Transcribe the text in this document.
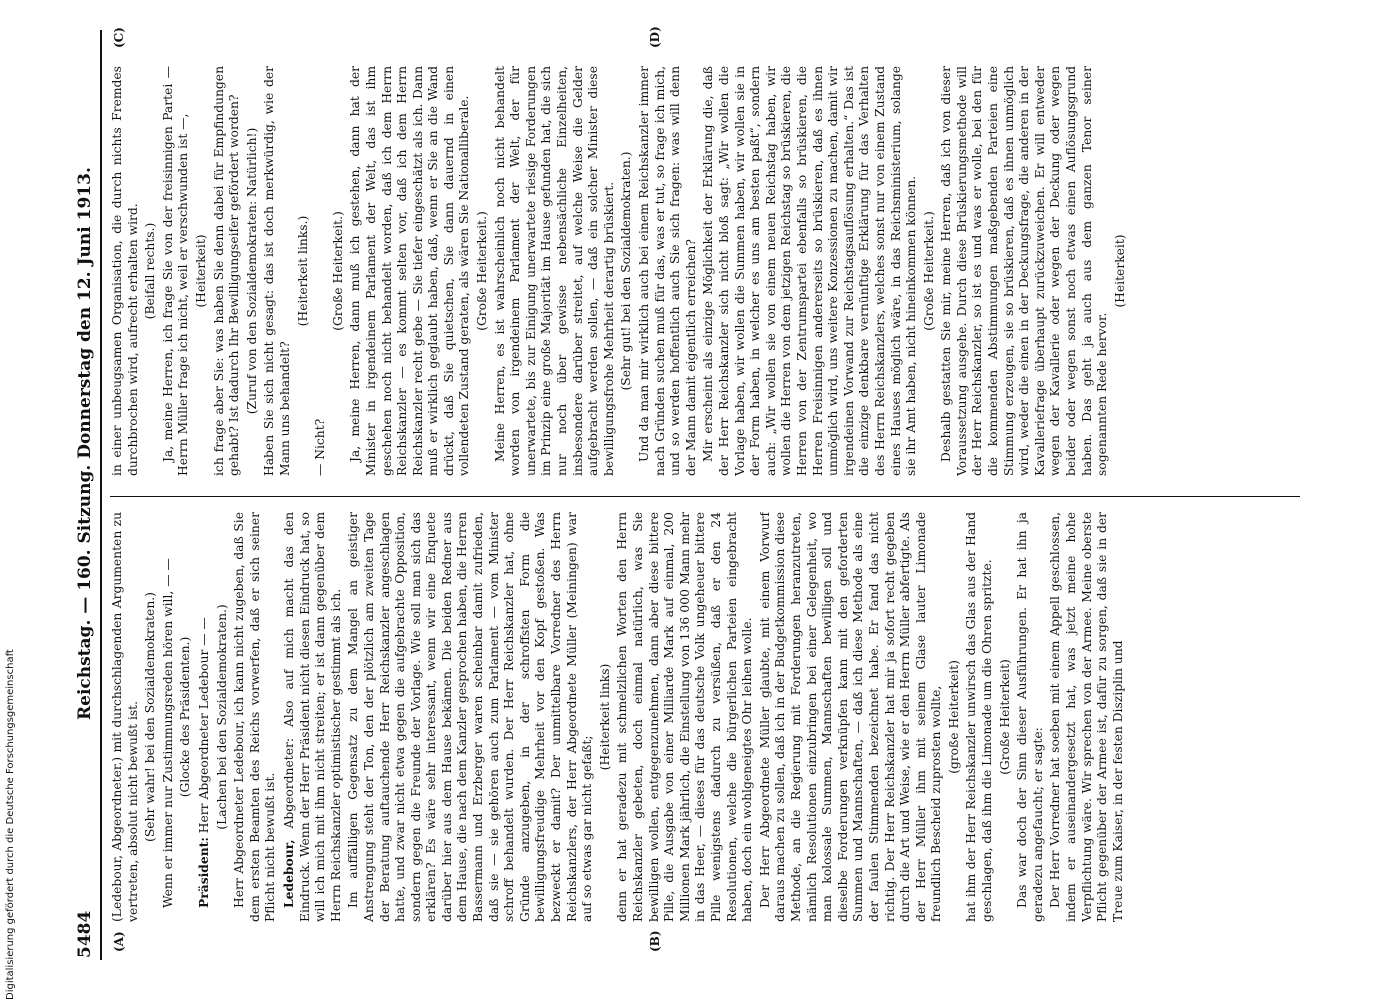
5484
Reichstag. — 160. Sitzung. Donnerstag den 12. Juni 1913.
(A)	(B)
(C)	(D)

(Ledebour, Abgeordneter.) mit durchschlagenden Argumenten zu vertreten, absolut nicht bewußt ist. (Sehr wahr! bei den Sozialdemokraten.) Wenn er immer nur Zustimmungsreden hören will, — — (Glocke des Präsidenten.)

Präsident: Herr Abgeordneter Ledebour — — (Lachen bei den Sozialdemokraten.) Herr Abgeordneter Ledebour, ich kann nicht zugeben, daß Sie dem ersten Beamten des Reichs vorwerfen, daß er sich seiner Pflicht nicht bewußt ist. Ledebour, Abgeordneter: Also auf mich macht das den Eindruck. Wenn der Herr Präsident nicht diesen Eindruck hat, so will ich mich mit ihm nicht streiten; er ist dann gegenüber dem Herrn Reichskanzler optimistischer gestimmt als ich. Im auffälligen Gegensatz zu dem Mangel an geistiger Anstrengung steht der Ton, den der plötzlich am zweiten Tage der Beratung auftauchende Herr Reichskanzler angeschlagen hatte, und zwar nicht etwa gegen die aufgebrachte Opposition, sondern gegen die Freunde der Vorlage. Wie soll man sich das erklären? Es wäre sehr interessant, wenn wir eine Enquete darüber hier aus dem Hause bekämen. Die beiden Redner aus dem Hause, die nach dem Kanzler gesprochen haben, die Herren Bassermann und Erzberger waren scheinbar damit zufrieden, daß sie — sie gehören auch zum Parlament — vom Minister schroff behandelt wurden. Der Herr Reichskanzler hat, ohne Gründe anzugeben, in der schroffsten Form die bewilligungsfreudige Mehrheit vor den Kopf gestoßen. Was bezweckt er damit? Der unmittelbare Vorredner des Herrn Reichskanzlers, der Herr Abgeordnete Müller (Meiningen) war auf so etwas gar nicht gefaßt;

(Heiterkeit links) denn er hat geradezu mit schmelzlichen Worten den Herrn Reichskanzler gebeten, doch einmal natürlich, was Sie bewilligen wollen, entgegenzunehmen, dann aber diese bittere Pille, die Ausgabe von einer Milliarde Mark auf einmal, 200 Millionen Mark jährlich, die Einstellung von 136 000 Mann mehr in das Heer, — dieses für das deutsche Volk ungeheuer bittere Pille wenigstens dadurch zu versüßen, daß er den 24 Resolutionen, welche die bürgerlichen Parteien eingebracht haben, doch ein wohlgeneigtes Ohr leihen wolle. Der Herr Abgeordnete Müller glaubte, mit einem Vorwurf daraus machen zu sollen, daß ich in der Budgetkommission diese Methode, an die Regierung mit Forderungen heranzutreten, nämlich Resolutionen einzubringen bei einer Gelegenheit, wo man kolossale Summen, Mannschaften bewilligen soll und dieselbe Forderungen verknüpfen kann mit den geforderten Summen und Mannschaften, — daß ich diese Methode als eine der faulen Stimmenden bezeichnet habe. Er fand das nicht richtig. Der Herr Reichskanzler hat mir ja sofort recht gegeben durch die Art und Weise, wie er den Herrn Müller abfertigte. Als der Herr Müller ihm mit seinem Glase lauter Limonade freundlich Bescheid zuprosten wollte, (große Heiterkeit) hat ihm der Herr Reichskanzler unwirsch das Glas aus der Hand geschlagen, daß ihm die Limonade um die Ohren spritzte. (Große Heiterkeit) Das war doch der Sinn dieser Ausführungen. Er hat ihn ja geradezu angefaucht; er sagte: Der Herr Vorredner hat soeben mit einem Appell geschlossen, indem er auseinandergesetzt hat, was jetzt meine hohe Verpflichtung wäre. Wir sprechen von der Armee. Meine oberste Pflicht gegenüber der Armee ist, dafür zu sorgen, daß sie in der Treue zum Kaiser, in der festen Disziplin und

in einer unbeugsamen Organisation, die durch nichts Fremdes durchbrochen wird, aufrecht erhalten wird. (Beifall rechts.) Ja, meine Herren, ich frage Sie von der freisinnigen Partei — Herrn Müller frage ich nicht, weil er verschwunden ist —, (Heiterkeit) ich frage aber Sie: was haben Sie denn dabei für Empfindungen gehabt? Ist dadurch Ihr Bewilligungseifer gefördert worden? (Zuruf von den Sozialdemokraten: Natürlich!) Haben Sie sich nicht gesagt: das ist doch merkwürdig, wie der Mann uns behandelt?

(Heiterkeit links.)

— Nicht?

(Große Heiterkeit.) Ja, meine Herren, dann muß ich gestehen, dann hat der Minister in irgendeinem Parlament der Welt, das ist ihm geschehen noch nicht behandelt worden, daß ich dem Herrn Reichskanzler — es kommt selten vor, daß ich dem Herrn Reichskanzler recht gebe — Sie tiefer eingeschätzt als ich. Dann muß er wirklich geglaubt haben, daß, wenn er Sie an die Wand drückt, daß Sie quietschen, Sie dann dauernd in einen vollendeten Zustand geraten, als wären Sie Nationalliberale. (Große Heiterkeit.) Meine Herren, es ist wahrscheinlich noch nicht behandelt worden von irgendeinem Parlament der Welt, der für unerwartete, bis zur Einigung unerwartete riesige Forderungen im Prinzip eine große Majorität im Hause gefunden hat, die sich nur noch über gewisse nebensächliche Einzelheiten, insbesondere darüber streitet, auf welche Weise die Gelder aufgebracht werden sollen, — daß ein solcher Minister diese bewilligungsfrohe Mehrheit derartig brüskiert. (Sehr gut! bei den Sozialdemokraten.) Und da man mir wirklich auch bei einem Reichskanzler immer nach Gründen suchen muß für das, was er tut, so frage ich mich, und so werden hoffentlich auch Sie sich fragen: was will denn der Mann damit eigentlich erreichen? Mir erscheint als einzige Möglichkeit der Erklärung die, daß der Herr Reichskanzler sich nicht bloß sagt: „Wir wollen die Vorlage haben, wir wollen die Summen haben, wir wollen sie in der Form haben, in welcher es uns am besten paßt“, sondern auch: „Wir wollen sie von einem neuen Reichstag haben, wir wollen die Herren von dem jetzigen Reichstag so brüskieren, die Herren von der Zentrumspartei ebenfalls so brüskieren, die Herren Freisinnigen andererseits so brüskieren, daß es ihnen unmöglich wird, uns weitere Konzessionen zu machen, damit wir irgendeinen Vorwand zur Reichstagsauflösung erhalten.“ Das ist die einzige denkbare vernünftige Erklärung für das Verhalten des Herrn Reichskanzlers, welches sonst nur von einem Zustand eines Hauses möglich wäre, in das Reichsministerium, solange sie ihr Amt haben, nicht hineinkommen können. (Große Heiterkeit.) Deshalb gestatten Sie mir, meine Herren, daß ich von dieser Voraussetzung ausgehe. Durch diese Brüskierungsmethode will der Herr Reichskanzler, so ist es und was er wolle, bei den für die kommenden Abstimmungen maßgebenden Parteien eine Stimmung erzeugen, sie so brüskieren, daß es ihnen unmöglich wird, weder die einen in der Deckungsfrage, die anderen in der Kavalleriefrage überhaupt zurückzuweichen. Er will entweder wegen der Kavallerie oder wegen der Deckung oder wegen beider oder wegen sonst noch etwas einen Auflösungsgrund haben. Das geht ja auch aus dem ganzen Tenor seiner sogenannten Rede hervor.

(Heiterkeit)

Digitalisierung gefördert durch die Deutsche Forschungsgemeinschaft
